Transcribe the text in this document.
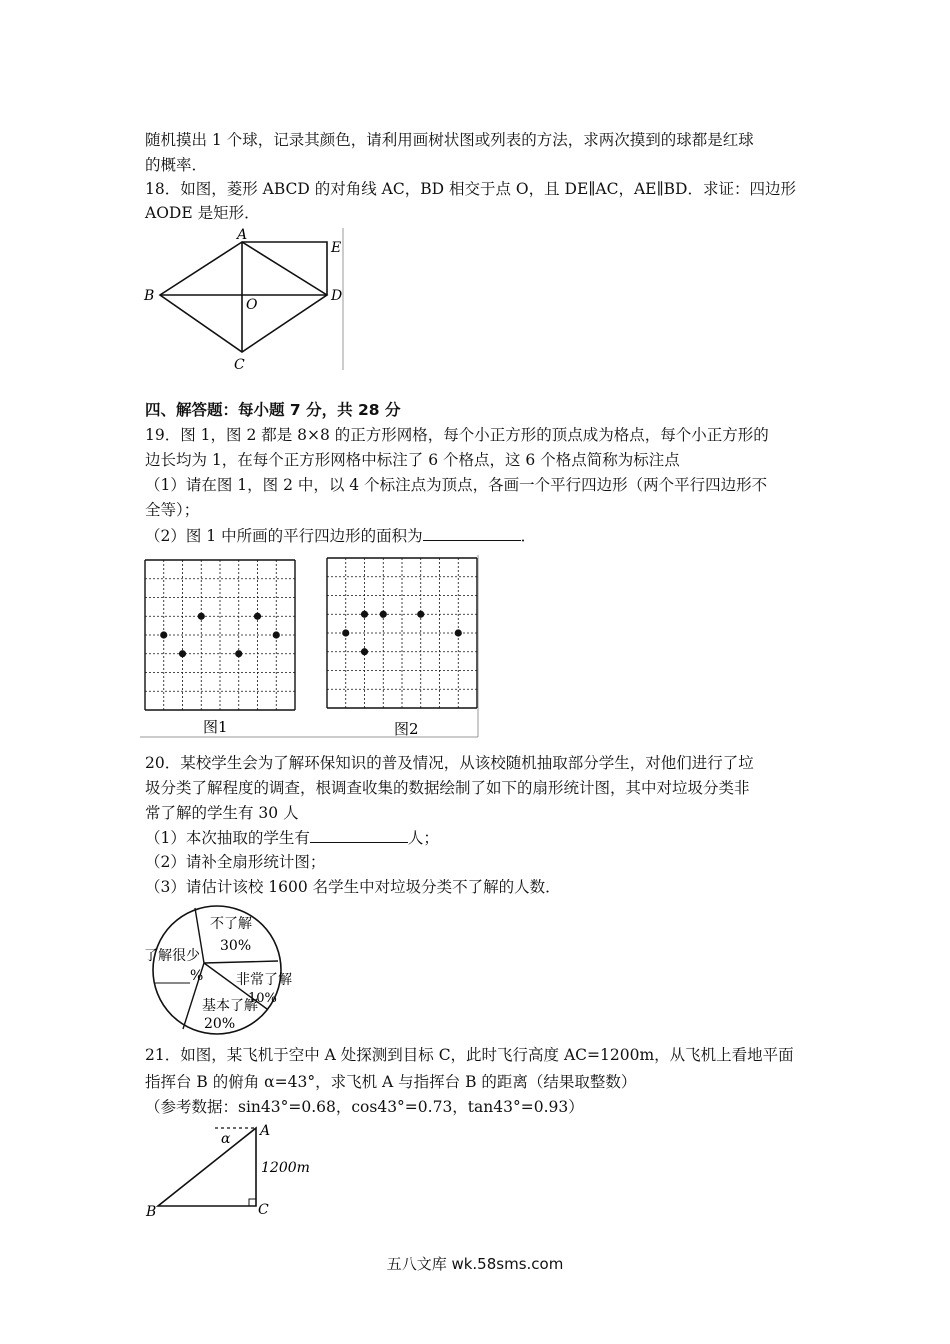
随机摸出 1 个球，记录其颜色，请利用画树状图或列表的方法，求两次摸到的球都是红球
的概率．
18．如图，菱形 ABCD 的对角线 AC，BD 相交于点 O，且 DE∥AC，AE∥BD．求证：四边形
AODE 是矩形．
A
B
C
D
E
O
四、解答题：每小题 7 分，共 28 分
19．图 1，图 2 都是 8×8 的正方形网格，每个小正方形的顶点成为格点，每个小正方形的
边长均为 1，在每个正方形网格中标注了 6 个格点，这 6 个格点简称为标注点
（1）请在图 1，图 2 中，以 4 个标注点为顶点，各画一个平行四边形（两个平行四边形不
全等）；
（2）图 1 中所画的平行四边形的面积为	．
图1	图2
20．某校学生会为了解环保知识的普及情况，从该校随机抽取部分学生，对他们进行了垃
圾分类了解程度的调查，根调查收集的数据绘制了如下的扇形统计图，其中对垃圾分类非
常了解的学生有 30 人
（1）本次抽取的学生有	人；
（2）请补全扇形统计图；
（3）请估计该校 1600 名学生中对垃圾分类不了解的人数．
不了解
30%
了解很少
% 非常了解
10%
基本了解
20%
21．如图，某飞机于空中 A 处探测到目标 C，此时飞行高度 AC=1200m，从飞机上看地平面
指挥台 B 的俯角 α=43°，求飞机 A 与指挥台 B 的距离（结果取整数）
（参考数据：sin43°=0.68，cos43°=0.73，tan43°=0.93）
α A
B	C
1200m
五八文库 wk.58sms.com
